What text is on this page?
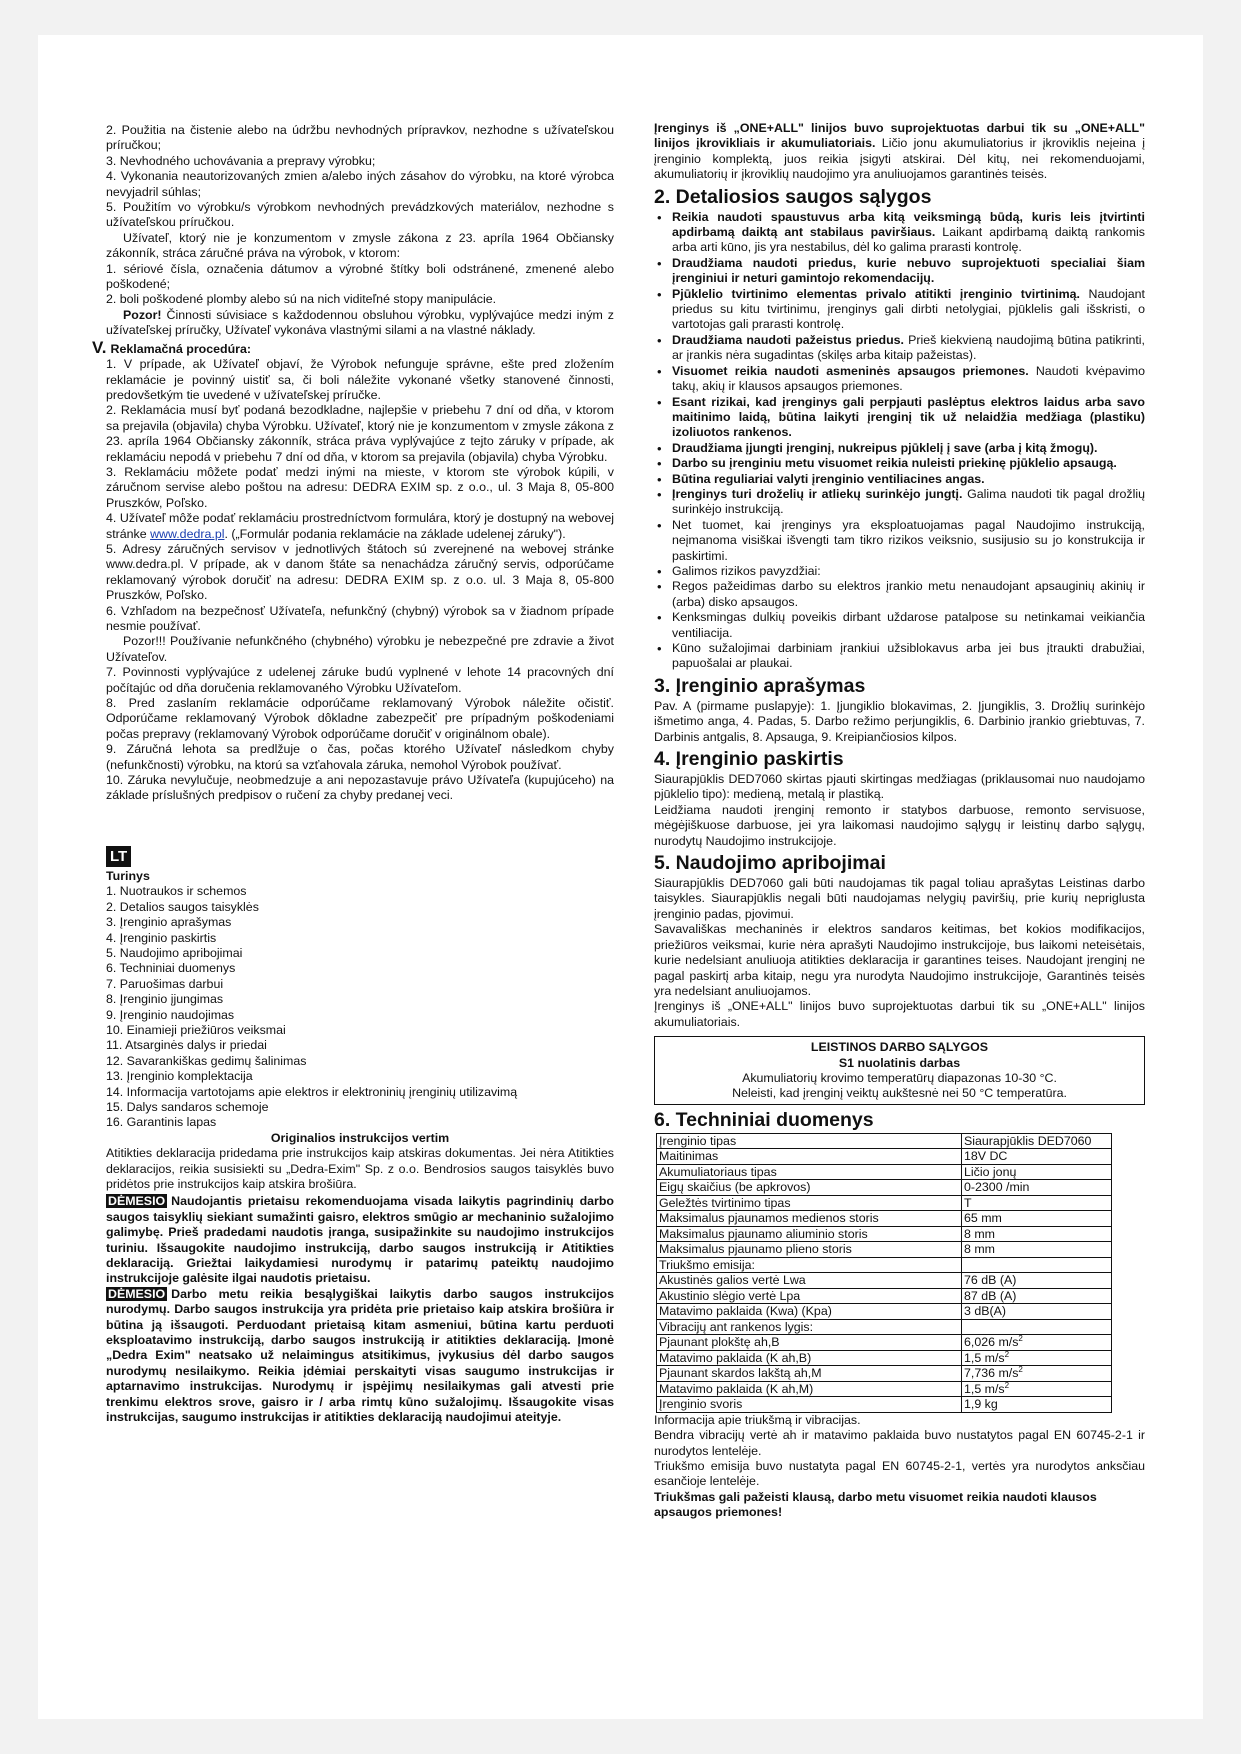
2. Použitia na čistenie alebo na údržbu nevhodných prípravkov, nezhodne s užívateľskou príručkou;

3. Nevhodného uchovávania a prepravy výrobku;

4. Vykonania neautorizovaných zmien a/alebo iných zásahov do výrobku, na ktoré výrobca nevyjadril súhlas;

5. Použitím vo výrobku/s výrobkom nevhodných prevádzkových materiálov, nezhodne s užívateľskou príručkou.

Užívateľ, ktorý nie je konzumentom v zmysle zákona z 23. apríla 1964 Občiansky zákonník, stráca záručné práva na výrobok, v ktorom:

1. sériové čísla, označenia dátumov a výrobné štítky boli odstránené, zmenené alebo poškodené;

2. boli poškodené plomby alebo sú na nich viditeľné stopy manipulácie.

Pozor! Činnosti súvisiace s každodennou obsluhou výrobku, vyplývajúce medzi iným z užívateľskej príručky, Užívateľ vykonáva vlastnými silami a na vlastné náklady.

V. Reklamačná procedúra:

1. V prípade, ak Užívateľ objaví, že Výrobok nefunguje správne, ešte pred zložením reklamácie je povinný uistiť sa, či boli náležite vykonané všetky stanovené činnosti, predovšetkým tie uvedené v užívateľskej príručke.

2. Reklamácia musí byť podaná bezodkladne, najlepšie v priebehu 7 dní od dňa, v ktorom sa prejavila (objavila) chyba Výrobku. Užívateľ, ktorý nie je konzumentom v zmysle zákona z 23. apríla 1964 Občiansky zákonník, stráca práva vyplývajúce z tejto záruky v prípade, ak reklamáciu nepodá v priebehu 7 dní od dňa, v ktorom sa prejavila (objavila) chyba Výrobku.

3. Reklamáciu môžete podať medzi inými na mieste, v ktorom ste výrobok kúpili, v záručnom servise alebo poštou na adresu: DEDRA EXIM sp. z o.o., ul. 3 Maja 8, 05-800 Pruszków, Poľsko.

4. Užívateľ môže podať reklamáciu prostredníctvom formulára, ktorý je dostupný na webovej stránke www.dedra.pl. („Formulár podania reklamácie na základe udelenej záruky").

5. Adresy záručných servisov v jednotlivých štátoch sú zverejnené na webovej stránke www.dedra.pl. V prípade, ak v danom štáte sa nenachádza záručný servis, odporúčame reklamovaný výrobok doručiť na adresu: DEDRA EXIM sp. z o.o. ul. 3 Maja 8, 05-800 Pruszków, Poľsko.

6. Vzhľadom na bezpečnosť Užívateľa, nefunkčný (chybný) výrobok sa v žiadnom prípade nesmie používať.

Pozor!!! Používanie nefunkčného (chybného) výrobku je nebezpečné pre zdravie a život Užívateľov.

7. Povinnosti vyplývajúce z udelenej záruke budú vyplnené v lehote 14 pracovných dní počítajúc od dňa doručenia reklamovaného Výrobku Užívateľom.

8. Pred zaslaním reklamácie odporúčame reklamovaný Výrobok náležite očistiť. Odporúčame reklamovaný Výrobok dôkladne zabezpečiť pre prípadným poškodeniami počas prepravy (reklamovaný Výrobok odporúčame doručiť v originálnom obale).

9. Záručná lehota sa predlžuje o čas, počas ktorého Užívateľ následkom chyby (nefunkčnosti) výrobku, na ktorú sa vzťahovala záruka, nemohol Výrobok používať.

10. Záruka nevylučuje, neobmedzuje a ani nepozastavuje právo Užívateľa (kupujúceho) na základe príslušných predpisov o ručení za chyby predanej veci.

LT

Turinys

1. Nuotraukos ir schemos
2. Detalios saugos taisyklės
3. Įrenginio aprašymas
4. Įrenginio paskirtis
5. Naudojimo apribojimai
6. Techniniai duomenys
7. Paruošimas darbui
8. Įrenginio įjungimas
9. Įrenginio naudojimas
10. Einamieji priežiūros veiksmai
11. Atsarginės dalys ir priedai
12. Savarankiškas gedimų šalinimas
13. Įrenginio komplektacija
14. Informacija vartotojams apie elektros ir elektroninių įrenginių utilizavimą
15. Dalys sandaros schemoje
16. Garantinis lapas

Originalios instrukcijos vertim

Atitikties deklaracija pridedama prie instrukcijos kaip atskiras dokumentas. Jei nėra Atitikties deklaracijos, reikia susisiekti su „Dedra-Exim" Sp. z o.o. Bendrosios saugos taisyklės buvo pridėtos prie instrukcijos kaip atskira brošiūra.

DĖMESIO Naudojantis prietaisu rekomenduojama visada laikytis pagrindinių darbo saugos taisyklių siekiant sumažinti gaisro, elektros smūgio ar mechaninio sužalojimo galimybę. Prieš pradedami naudotis įranga, susipažinkite su naudojimo instrukcijos turiniu. Išsaugokite naudojimo instrukciją, darbo saugos instrukciją ir Atitikties deklaraciją. Griežtai laikydamiesi nurodymų ir patarimų pateiktų naudojimo instrukcijoje galėsite ilgai naudotis prietaisu.

DĖMESIO Darbo metu reikia besąlygiškai laikytis darbo saugos instrukcijos nurodymų. Darbo saugos instrukcija yra pridėta prie prietaiso kaip atskira brošiūra ir būtina ją išsaugoti. Perduodant prietaisą kitam asmeniui, būtina kartu perduoti eksploatavimo instrukciją, darbo saugos instrukciją ir atitikties deklaraciją. Įmonė „Dedra Exim" neatsako už nelaimingus atsitikimus, įvykusius dėl darbo saugos nurodymų nesilaikymo. Reikia įdėmiai perskaityti visas saugumo instrukcijas ir aptarnavimo instrukcijas. Nurodymų ir įspėjimų nesilaikymas gali atvesti prie trenkimu elektros srove, gaisro ir / arba rimtų kūno sužalojimų. Išsaugokite visas instrukcijas, saugumo instrukcijas ir atitikties deklaraciją naudojimui ateityje.

Įrenginys iš „ONE+ALL" linijos buvo suprojektuotas darbui tik su „ONE+ALL" linijos įkrovikliais ir akumuliatoriais. Ličio jonu akumuliatorius ir įkroviklis neįeina į įrenginio komplektą, juos reikia įsigyti atskirai. Dėl kitų, nei rekomenduojami, akumuliatorių ir įkroviklių naudojimo yra anuliuojamos garantinės teisės.

2. Detaliosios saugos sąlygos
• Reikia naudoti spaustuvus arba kitą veiksmingą būdą, kuris leis įtvirtinti apdirbamą daiktą ant stabilaus paviršiaus. Laikant apdirbamą daiktą rankomis arba arti kūno, jis yra nestabilus, dėl ko galima prarasti kontrolę.
• Draudžiama naudoti priedus, kurie nebuvo suprojektuoti specialiai šiam įrenginiui ir neturi gamintojo rekomendacijų.
• Pjūklelio tvirtinimo elementas privalo atitikti įrenginio tvirtinimą. Naudojant priedus su kitu tvirtinimu, įrenginys gali dirbti netolygiai, pjūklelis gali išskristi, o vartotojas gali prarasti kontrolę.
• Draudžiama naudoti pažeistus priedus. Prieš kiekvieną naudojimą būtina patikrinti, ar įrankis nėra sugadintas (skilęs arba kitaip pažeistas).
• Visuomet reikia naudoti asmeninės apsaugos priemones. Naudoti kvėpavimo takų, akių ir klausos apsaugos priemones.
• Esant rizikai, kad įrenginys gali perpjauti paslėptus elektros laidus arba savo maitinimo laidą, būtina laikyti įrenginį tik už nelaidžia medžiaga (plastiku) izoliuotos rankenos.
• Draudžiama įjungti įrenginį, nukreipus pjūklelį į save (arba į kitą žmogų).
• Darbo su įrenginiu metu visuomet reikia nuleisti priekinę pjūklelio apsaugą.
• Būtina reguliariai valyti įrenginio ventiliacines angas.
• Įrenginys turi droželių ir atliekų surinkėjo jungtį. Galima naudoti tik pagal drožlių surinkėjo instrukciją.
• Net tuomet, kai įrenginys yra eksploatuojamas pagal Naudojimo instrukciją, neįmanoma visiškai išvengti tam tikro rizikos veiksnio, susijusio su jo konstrukcija ir paskirtimi.
• Galimos rizikos pavyzdžiai:
• Regos pažeidimas darbo su elektros įrankio metu nenaudojant apsauginių akinių ir (arba) disko apsaugos.
• Kenksmingas dulkių poveikis dirbant uždarose patalpose su netinkamai veikiančia ventiliacija.
• Kūno sužalojimai darbiniam įrankiui užsiblokavus arba jei bus įtraukti drabužiai, papuošalai ar plaukai.
3. Įrenginio aprašymas

Pav. A (pirmame puslapyje): 1. Įjungiklio blokavimas, 2. Įjungiklis, 3. Drožlių surinkėjo išmetimo anga, 4. Padas, 5. Darbo režimo perjungiklis, 6. Darbinio įrankio griebtuvas, 7. Darbinis antgalis, 8. Apsauga, 9. Kreipiančiosios kilpos.

4. Įrenginio paskirtis

Siaurapjūklis DED7060 skirtas pjauti skirtingas medžiagas (priklausomai nuo naudojamo pjūklelio tipo): medieną, metalą ir plastiką.

Leidžiama naudoti įrenginį remonto ir statybos darbuose, remonto servisuose, mėgėjiškuose darbuose, jei yra laikomasi naudojimo sąlygų ir leistinų darbo sąlygų, nurodytų Naudojimo instrukcijoje.

5. Naudojimo apribojimai

Siaurapjūklis DED7060 gali būti naudojamas tik pagal toliau aprašytas Leistinas darbo taisykles. Siaurapjūklis negali būti naudojamas nelygių paviršių, prie kurių nepriglusta įrenginio padas, pjovimui.

Savavališkas mechaninės ir elektros sandaros keitimas, bet kokios modifikacijos, priežiūros veiksmai, kurie nėra aprašyti Naudojimo instrukcijoje, bus laikomi neteisėtais, kurie nedelsiant anuliuoja atitikties deklaracija ir garantines teises. Naudojant įrenginį ne pagal paskirtį arba kitaip, negu yra nurodyta Naudojimo instrukcijoje, Garantinės teisės yra nedelsiant anuliuojamos.

Įrenginys iš „ONE+ALL" linijos buvo suprojektuotas darbui tik su „ONE+ALL" linijos akumuliatoriais.

LEISTINOS DARBO SĄLYGOS

S1 nuolatinis darbas

Akumuliatorių krovimo temperatūrų diapazonas 10-30 °C.

Neleisti, kad įrenginį veiktų aukštesnė nei 50 °C temperatūra.

6. Techniniai duomenys
Įrenginio tipas	Siaurapjūklis DED7060
Maitinimas	18V DC
Akumuliatoriaus tipas	Ličio jonų
Eigų skaičius (be apkrovos)	0-2300 /min
Geležtės tvirtinimo tipas	T
Maksimalus pjaunamos medienos storis	65 mm
Maksimalus pjaunamo aliuminio storis	8 mm
Maksimalus pjaunamo plieno storis	8 mm
Triukšmo emisija:	
Akustinės galios vertė Lwa	76 dB (A)
Akustinio slėgio vertė Lpa	87 dB (A)
Matavimo paklaida (Kwa) (Kpa)	3 dB(A)
Vibracijų ant rankenos lygis:	
Pjaunant plokštę ah,B	6,026 $m/s^2$
Matavimo paklaida (K ah,B)	1,5 $m/s^2$
Pjaunant skardos lakštą ah,M	7,736 $m/s^2$
Matavimo paklaida (K ah,M)	1,5 $m/s^2$
Įrenginio svoris	1,9 kg

Informacija apie triukšmą ir vibracijas.

Bendra vibracijų vertė ah ir matavimo paklaida buvo nustatytos pagal EN 60745-2-1 ir nurodytos lentelėje.

Triukšmo emisija buvo nustatyta pagal EN 60745-2-1, vertės yra nurodytos anksčiau esančioje lentelėje.

Triukšmas gali pažeisti klausą, darbo metu visuomet reikia naudoti klausos apsaugos priemones!
